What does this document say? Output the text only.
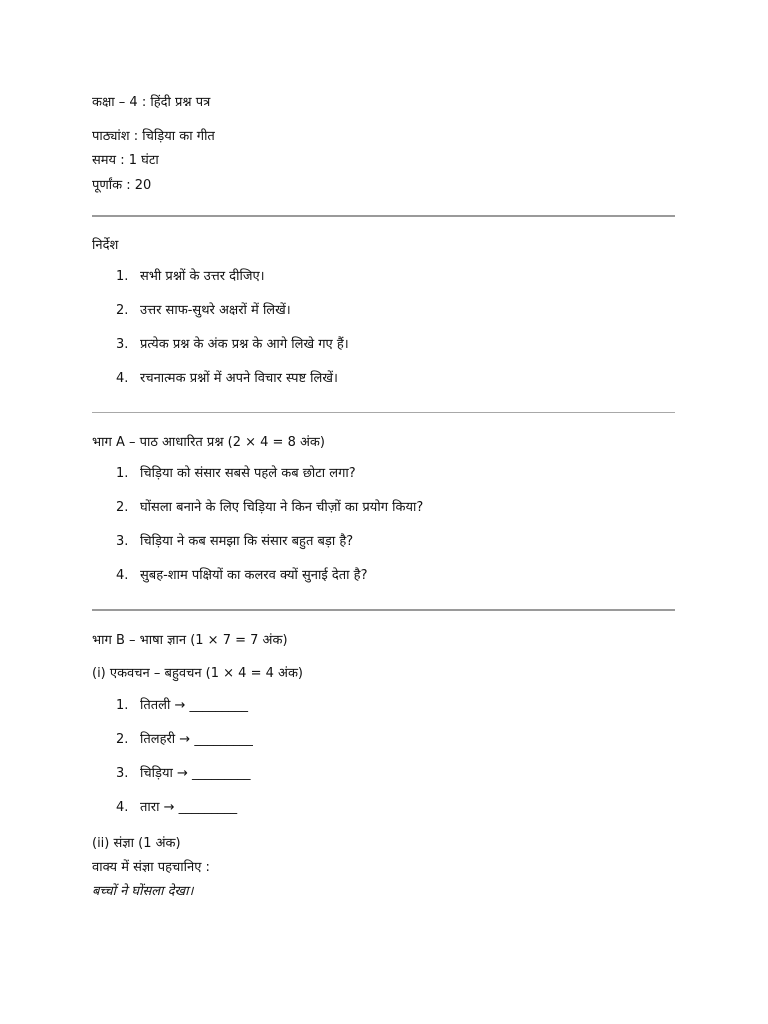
कक्षा – 4 : हिंदी प्रश्न पत्र
पाठ्यांश : चिड़िया का गीत
समय : 1 घंटा
पूर्णांक : 20
निर्देश
1. सभी प्रश्नों के उत्तर दीजिए।
2. उत्तर साफ-सुथरे अक्षरों में लिखें।
3. प्रत्येक प्रश्न के अंक प्रश्न के आगे लिखे गए हैं।
4. रचनात्मक प्रश्नों में अपने विचार स्पष्ट लिखें।
भाग A – पाठ आधारित प्रश्न (2 × 4 = 8 अंक)
1. चिड़िया को संसार सबसे पहले कब छोटा लगा?
2. घोंसला बनाने के लिए चिड़िया ने किन चीज़ों का प्रयोग किया?
3. चिड़िया ने कब समझा कि संसार बहुत बड़ा है?
4. सुबह-शाम पक्षियों का कलरव क्यों सुनाई देता है?
भाग B – भाषा ज्ञान (1 × 7 = 7 अंक)
(i) एकवचन – बहुवचन (1 × 4 = 4 अंक)
1. तितली → _________
2. तिलहरी → _________
3. चिड़िया → _________
4. तारा → _________
(ii) संज्ञा (1 अंक)
वाक्य में संज्ञा पहचानिए :
बच्चों ने घोंसला देखा।
